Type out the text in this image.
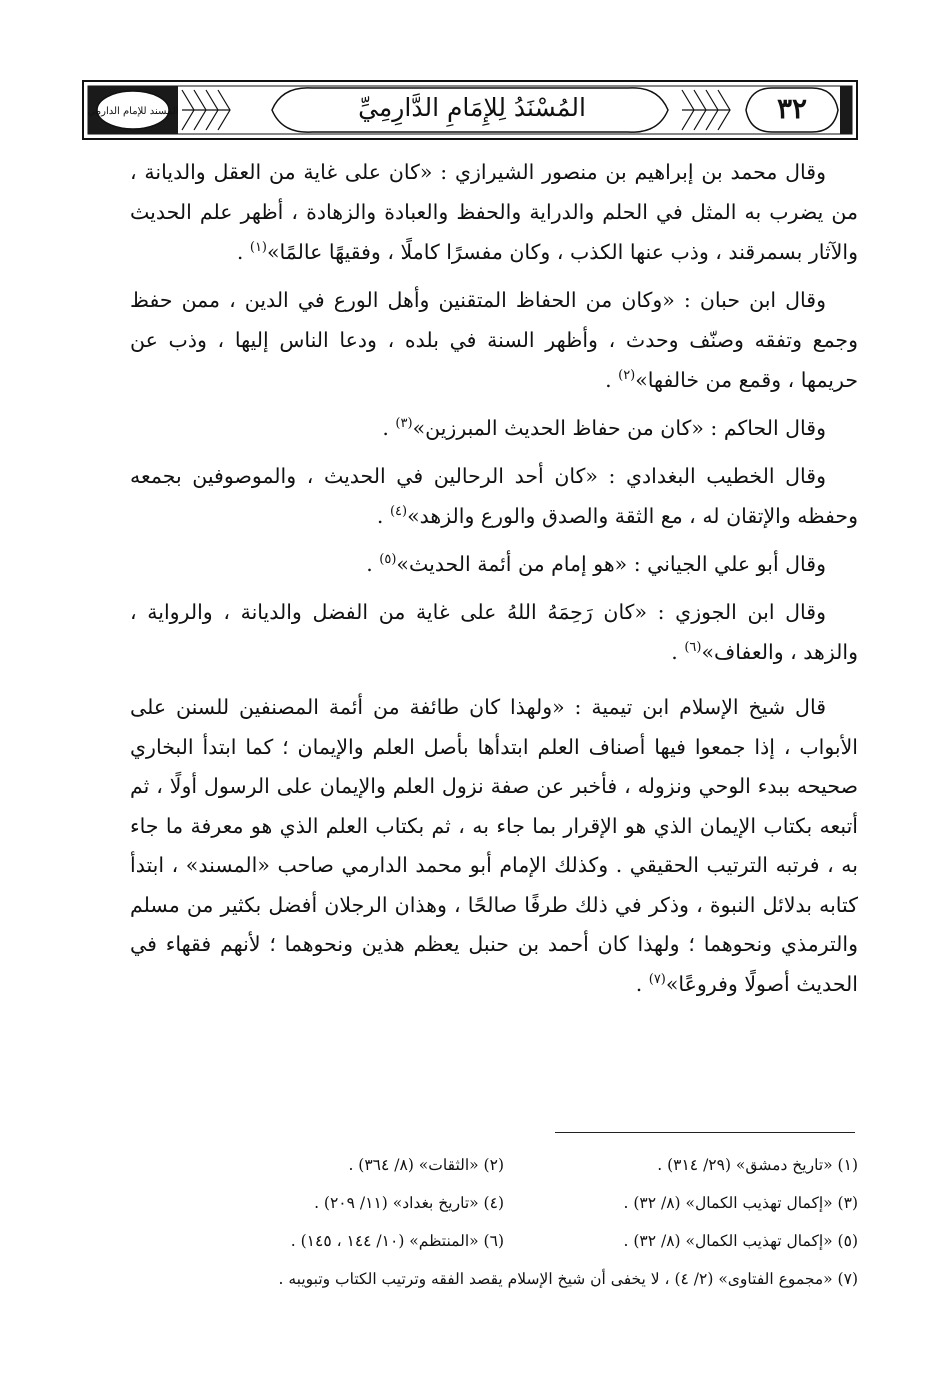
المسند للإمام الدارمي	المُسْنَدُ لِلإِمَامِ الدَّارِمِيِّ	٣٢

وقال محمد بن إبراهيم بن منصور الشيرازي : «كان على غاية من العقل والديانة ، من يضرب به المثل في الحلم والدراية والحفظ والعبادة والزهادة ، أظهر علم الحديث والآثار بسمرقند ، وذب عنها الكذب ، وكان مفسرًا كاملًا ، وفقيهًا عالمًا»$^{(١)}$ .

وقال ابن حبان : «وكان من الحفاظ المتقنين وأهل الورع في الدين ، ممن حفظ وجمع وتفقه وصنّف وحدث ، وأظهر السنة في بلده ، ودعا الناس إليها ، وذب عن حريمها ، وقمع من خالفها»$^{(٢)}$ .

وقال الحاكم : «كان من حفاظ الحديث المبرزين»$^{(٣)}$ .

وقال الخطيب البغدادي : «كان أحد الرحالين في الحديث ، والموصوفين بجمعه وحفظه والإتقان له ، مع الثقة والصدق والورع والزهد»$^{(٤)}$ .

وقال أبو علي الجياني : «هو إمام من أئمة الحديث»$^{(٥)}$ .

وقال ابن الجوزي : «كان رَحِمَهُ اللهُ على غاية من الفضل والديانة ، والرواية ، والزهد ، والعفاف»$^{(٦)}$ .

قال شيخ الإسلام ابن تيمية : «ولهذا كان طائفة من أئمة المصنفين للسنن على الأبواب ، إذا جمعوا فيها أصناف العلم ابتدأها بأصل العلم والإيمان ؛ كما ابتدأ البخاري صحيحه ببدء الوحي ونزوله ، فأخبر عن صفة نزول العلم والإيمان على الرسول أولًا ، ثم أتبعه بكتاب الإيمان الذي هو الإقرار بما جاء به ، ثم بكتاب العلم الذي هو معرفة ما جاء به ، فرتبه الترتيب الحقيقي . وكذلك الإمام أبو محمد الدارمي صاحب «المسند» ، ابتدأ كتابه بدلائل النبوة ، وذكر في ذلك طرفًا صالحًا ، وهذان الرجلان أفضل بكثير من مسلم والترمذي ونحوهما ؛ ولهذا كان أحمد بن حنبل يعظم هذين ونحوهما ؛ لأنهم فقهاء في الحديث أصولًا وفروعًا»$^{(٧)}$ .

(١) «تاريخ دمشق» (٢٩/ ٣١٤) .
(٢) «الثقات» (٨/ ٣٦٤) .
(٣) «إكمال تهذيب الكمال» (٨/ ٣٢) .
(٤) «تاريخ بغداد» (١١/ ٢٠٩) .
(٥) «إكمال تهذيب الكمال» (٨/ ٣٢) .
(٦) «المنتظم» (١٠/ ١٤٤ ، ١٤٥) .
(٧) «مجموع الفتاوى» (٢/ ٤) ، لا يخفى أن شيخ الإسلام يقصد الفقه وترتيب الكتاب وتبويبه .
